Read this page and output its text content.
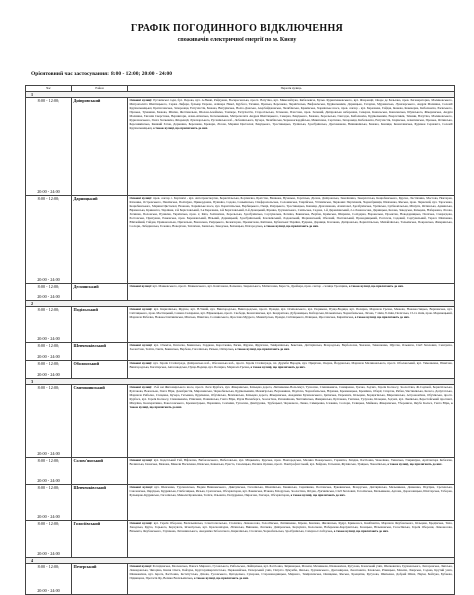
ГРАФІК ПОГОДИННОГО ВІДКЛЮЧЕННЯ
споживачів електричної енергії по м. Києву
Орієнтовний час застосування: 8:00 - 12:00; 20:00 - 24:00
Час	Район	Перелік вулиць
1		

8:00 - 12:00;
20:00 - 24:00	Дніпровський	Основні вулиці: Русанівські сади, бул. Перова, вул. А.Невві, Райдужна, Воскресенська, просп. Ватутіна, вул. Миколайчука, Кибальчича, Бульв. Курингенковського, вул. Флоренції, Оноре де Бальзака, пров. Регенераторна, Малиновського, Митрополита Шептицького, Сержа Лифаря, бульвар Перова, Алішера Навої, Курбаса, Тичини, Празька, Березнева, Чернігівська, Вифлеємська, Будівельників, Дарницька, Гагаріна, Мурманська, Луначарського, Андрія Малишка, Соломії Крушельницької, Братиславська, Запорожця, Ентузіастів, Бажова, Вигурівська, Волго-Донська, Азербайджанська, Челябінська, Краківська, Харківське шосе, пров. сектор - вул. Березнева, Гайдая, Іванова, Інженерна, Кибальчича, Раєвського, Празька, Туманяна, Бажова, Мініна, Фестивальна, Шолом-Алейхема, Тампере, Ентузіастів, Старосільська, Гетьмана, Пластова, пров. Зелений, Дніпровська набережна, Северна, Ковальська, Ковалевська, Шумського, Жмеринська, Андрія Малишка, Євгенія Сверстюка, Вершигори, Алма-Атинська, Котельникова, Митрополита Андрея Шептицького, Северна, Ревуцького, Бажана, Хорольська, Гонгадзе, Кибальчича, Будівельників, Енергетиків, Тичини, Ватутіна, Малиновського, Курнатовського, Гната Хоткевича, Флоренції, Луначарського, Русанівська наб., Лобанівського, Кучера, Челябінська, Червоногвардійська, Микитенка, Сергієнка, Запорожця, Кибальчича, Ентузіастів, Іскрівська, Алматинська, Празька, Ялтинська, Березняківська, Княжий Затон, Державна, Березнева, Бровари, Лісова, Марини Цвєтаєвої, Ревуцького, Тростянецька, Урлівська, Здолбунівська, Драгоманова, Вишняківська, Бажана, Кошиця, Коноплянська, Будинок Сержанта, Соломії Крушельницької, а також вулиці, що прилягають до них.

8:00 - 12:00;
20:00 - 24:00	Дарницький	Основні вулиці: пров. сектор с. Бортничі - вул. Автотранспортна, Бориспільська, Бортнична, Братства, Вашкова, Вузенька, Горліська, Діочна, Дніпровська, Завалішина, Закарпатська, Коцюбинського, Курска, Ластівчина, Мостова, Нектарна, Кільчика, Островського, Павлівська, Поліщука, Прикордонна, Пушкіна, Садова, Сеньківська, Сімферопольська, Солонянська, Таврійська, Устимівська, Червоних Партизанів, Чорнобривців, Шевченка, Ямська, пров. Чернечий, вул. Тарасенка, Коцюбинського, Марини Цвєтаєвої, Неонова, Харківське шосе, вул. Бориспільська, Вербицького, Гмирі, Ревуцького, Тростянецька, Кошиця, Драгоманова, Ахматової, Здолбунівська, Урлівська, Срібнокільська, Мішуги, Ялтинська, Армянська, Вірменська, Кривоніса, Українки, 2-й Беріславський, 3-я Березнева, 4-й Беріславський, 6-й Донецький, Франка, Грушевського, Смільська, Садова, 1-й Деревлянський, 2-а Ломоносова, Дарницька, Козака, Заводська, Кільцева, Набережна, Лісова, Затишна, Полонська, Пушкіна, Українська, пров. 2, Кіпа, Залізнична, Хорольська, Здолбунівська, Сортувальна, Боткіна, Бакинська, Вербна, Кримська, Ширяєва, Солідарна, Воронезька, Проектна, Новодарницька, Поліська, Смарагдова, Ростовська, Прилужна, Роменська, пров. Бережанський, Вільний, Дарницький, Здолбунівський, Клочківський, Ладожський, Моршанський, Обозний, Полтавський, Проводницький, Розточчя, Садовий, Сортувальний, Тараса Шевченка, Ювілейний, Гайдая, Привокзальна, Причальна, Вокзальна, Ревуцького, Колекторна, Промислова, Квітнева, Кубанської України, Руднева, Дарниця, Клочкова, Дніпровська, Бориспільська, Михайлівська, Тальнівська, Покровська, Жмеринська, Сосюри, Лебединська, Головна, Новорічна, Теплична, Ізюмська, Заводська, Бахмацька, Білгородська, а також вулиці, що прилягають до них.

8:00 - 12:00;
20:00 - 24:00	Деснянський	Основні вулиці: вул. Маяковського, просп. Маяковського, вул. Каштанова, Балковна, Закревського, Міліютенка, Береста, Драйзера, пров. сектор - селище Троєщина, а також вулиці, що прилягають до них.
2		

8:00 - 12:00;
20:00 - 24:00	Подільський	Основні вулиці: вул. Кирилівська, Фрунзе, вул. Н.Ужвій, вул. Вишгородська, Вишгородська, просп. Правди, вул. Осиповського, вул. Порикова, Пуща-Водиця, вул. Полярна, Маршала Гречка, Межова, Новомостицька, Варшавська, вул. Світлицького, пров. Мостицький, Семена Скляренка, вул. Юрковецька, просп. Свободи, Коноплянська, вул. Кондратюка, Дубровицька, Кобзарська, Кількихська, Чорнобильська, Лісова, 7 лінія, 8 лінія, Полісська, 15-та лінія, пров. Моринецький, Маршала Рибалка, Новокостянтинівська, Мінська, Північна, Соснинського, Ярослава Мудрого, Межигірська, Правди, Світлицького, Білицька, Ярославська, Кирилівська, а також вулиці, що прилягають до них.

8:00 - 12:00;
20:00 - 24:00	Шевченківський	Основні вулиці: вул. Отьміча, Бахтеєва, Бакинська, Гордюка, Коротченка, Ряски, Фрунзе, Фрунтова, Тимірязівська, Бекетова, Дегтярівська, Білородська, Верболозна, Чкалова, Тимошенка, Щусєва, Ольжича, Сім'ї Хохлових, Смотрича, Зоологічна, Теліги, Гонти, Бакинська, Вербова, Гоголівська, Ризька, Охтирська, а також вулиці, що прилягають до них.

8:00 - 12:00;
20:00 - 24:00	Оболонський	Основні вулиці: вул. Героїв Сталінграда, Дніпровська наб., Оболонська наб., просп. Героїв Сталінграда, пл. Дружби Народів, вул. Прирічна, Озерна, Йорданська, Маршала Малиновського, просп. Оболонський, вул. Тимошенка, Північна, Вишгородська, Богатирська, Автозаводська, Пуща-Водиця, вул. Полярна, Маршала Гречка, а також вулиці, що прилягають до них.
3		

8:00 - 12:00;
20:00 - 24:00	Святошинський	Основні вулиці: 15-й км Житомирського шосе, просп. Леся Курбаса, вул. Жмеринська, Кільцева дорога, Литвиненко-Вольгемут, Туполєва, Сімашкевича, Симиренка, Гречка, Зодчих, Героїв Космосу, Зоологічна, Ж.Соріной, Бориспільська, Булгакова, Вокзальна, Гната Юри, Декабристів, Мирохинська, Чорнобильська, Будівельників, Межигірська, Верховинна, Підлісна, Чорнобильська, Наумова, Кременецька, Кремінна, Оберіг, Спартак, Рибна, Чистяківська, Коласа, Депутатська, Маршала Рибалка, Стеценка, Кучера, Гетьмана, Будиченка, Обухівська, Біличанська, Кільцева дорога, Жмеринська, Академіка Булаховського, Ірпінська, Перемоги, Кільцева, Борщагівська, Мирохинська, Астрономічна, Обухівська, просп. Курбаса, вул. Героїв Космосу, Сімашкевича, Ріпичних, Пашківська, Гната Юри, Рауля Валенберга, Зоологічна, Рахманінова, Чистяківська, Жмеринська, Булгакова, Гнатюка, Тулузова, Кільцева, Зодчих, вул. Львівська, Берестейський проспект, Мікуліна, Кооперативна, Рокоссовського, Кременчуцька, Парашина, Сенчини, Туполєва, Дмитрушка, Трубецької, Чорновола, Ленка, Симиренка, Ісаакяна, Сосюри, Галицька, Майкова, Жмеринська, Уборевича, Якуба Коласа, Гната Юри, а також вулиці, що прилягають до них.

8:00 - 12:00;
20:00 - 24:00	Солом'янський	Основні вулиці: вул. Кадетський Гай, Віфлеєма, Вибоговського, Вибоговська, вул. Міцкевича, Курська, пров. Новгородська, Малина Пожарського, Гарматна, Звіздна, Бастіонна, Чоколівка, Уманська, Гавришука, Архітектора Кобелєва, Волинська, Ізюмська, Межова, Миколи Василенка, Шевська, Кавказька, Ернста, Смолицька, Пилипа Орлика, просп. Повітрофлотський, вул. Байдова, Гетьмана, Жулянська, Урицька, Чоколівська, а також вулиці, що прилягають до них.

8:00 - 12:00;
20:00 - 24:00	Шевченківський	Основні вулиці: вул. Шевченка, Тургенєвська, Вадим Вишневського, Дмитрівська, Гоголівська, Шкапівська, Бакинська, Скрипника, Полтавська, Буковинська, Білоруська, Дехтярівська, Мельникова, Довженка, Підгірна, Сретенська, Смоленська, Овруцька, Кудрявська, Глибочицька, Ризька, Сретенська, Обсерваторна, вул. Бакинська, Річкова, Білоруська, Зоологічна, Ягідна, Лук'янівська, Сім'ї Хохлових, Гоголівська, Мельникова, Артема, Дорогожицька, Шахтарська, Таборна, Бульварно-Кудрявська, Гоголівська, Миколи Кравченка, Теліги, Ольжича, Попудренка, Пирогова, Гончара, Обсерваторна, а також вулиці, що прилягають до них.

8:00 - 12:00;
20:00 - 24:00	Голосіївський	Основні вулиці: вул. Героїв Оборони, Васильківська, Сєвастопольська, Столична, Ломоносова, Голосіївська, Литвиненко, Кірова, Ковпака, Жилянська, Кудрі, Кривоноса, Комбінатна, Маршала Якубовського, Кільцева, Бродівська, Тиха, Заводська, Кур'ю, Горького, Корчувата, Ясногірська, вул. Краснозвіздна, Літинська, Вишнева, Лютнева, Дніпровська, Корчувате, Колоскова, Набережно-Корчуватська, Козацька, Вільшанська, Голосіївська, Героїв Оборони, Ломоносова, Вільямса, Якубовського, Глушкова, Лятошинського, Академіка Заболотного, Кирилівська, Столична, Чорнобильська, Здолбунівська, Саперно-Слобідська, а також вулиці, що прилягають до них.
4		

8:00 - 12:00;
20:00 - 24:00	Печерський	Основні вулиці: Рогнідинська, Московська, Панаса Мирного, Гусовського, Рибальська, Лейпцизька, вул. Бастіонна, Звіринецька, Мазепи, Мечникова, Шовковична, Кутузова, Кловський узвіз, Шелковична, Грушевського, Лютеранська, Липська, Левандовська, Чигоріна, Князя Олега, Бойчука, Круглоуніверситетська, Первомайська, Печерський узвіз, Патріса Лумумби, Ямська, Грушевського, Драгомирова, Леонтовича, Кловська, Різницька, Мазепи, Лаврська, Садова, Крутий узвіз, Шовковична, вул. Ікрота, Бастіонна, Інститутська, Ділова, Гусовського, Цитадельна, Суворова, Старонаводницька, Мирного, Тимірязєвська, Онищенко, Ямська, Хрещатик, Кутузова, Шевченка, Добрий Шлях, Науки, Бойчука, Бубнова, Підвищена, Протасів Яр, Велика Васильківська, а також вулиці, що прилягають до них.
